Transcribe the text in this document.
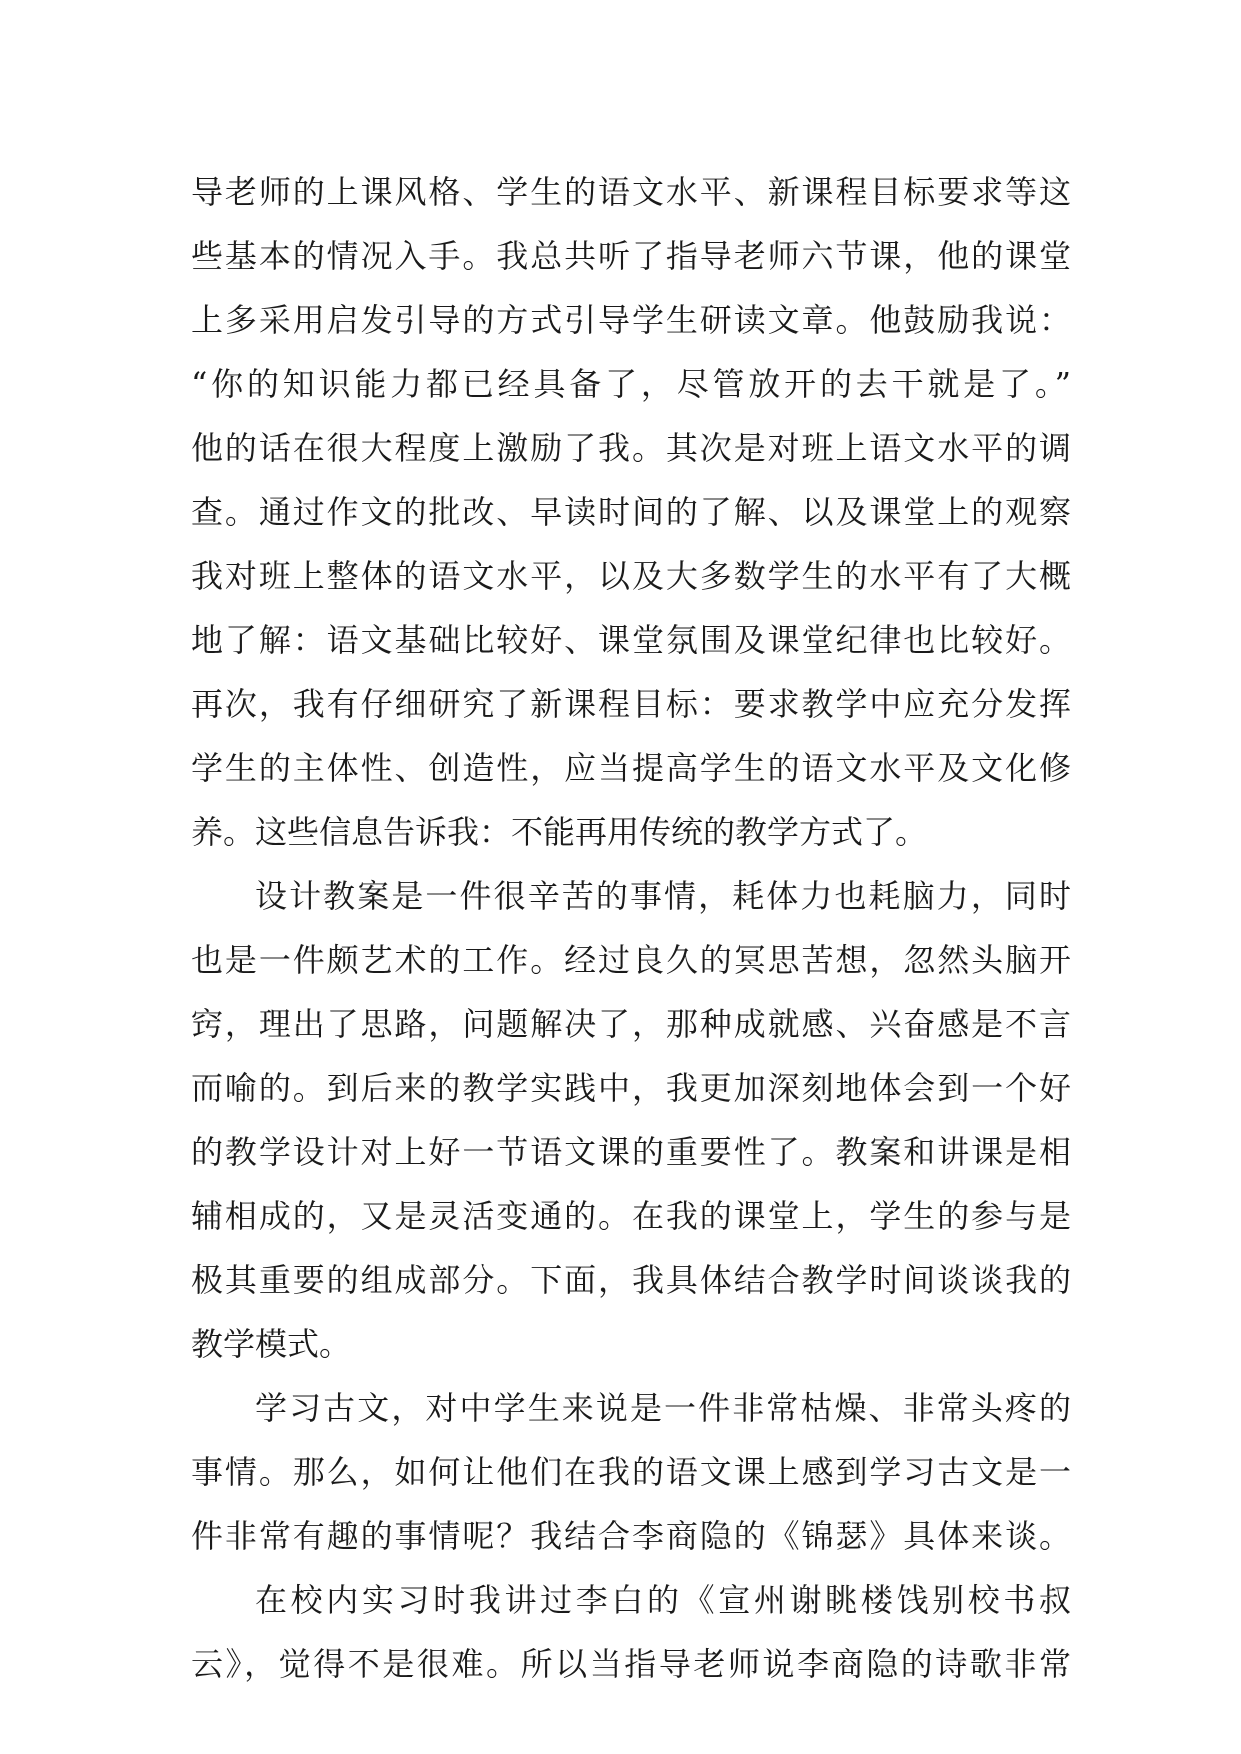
导老师的上课风格、学生的语文水平、新课程目标要求等这
些基本的情况入手。我总共听了指导老师六节课，他的课堂
上多采用启发引导的方式引导学生研读文章。他鼓励我说：
“你的知识能力都已经具备了，尽管放开的去干就是了。”
他的话在很大程度上激励了我。其次是对班上语文水平的调
查。通过作文的批改、早读时间的了解、以及课堂上的观察
我对班上整体的语文水平，以及大多数学生的水平有了大概
地了解：语文基础比较好、课堂氛围及课堂纪律也比较好。
再次，我有仔细研究了新课程目标：要求教学中应充分发挥
学生的主体性、创造性，应当提高学生的语文水平及文化修
养。这些信息告诉我：不能再用传统的教学方式了。
设计教案是一件很辛苦的事情，耗体力也耗脑力，同时
也是一件颇艺术的工作。经过良久的冥思苦想，忽然头脑开
窍，理出了思路，问题解决了，那种成就感、兴奋感是不言
而喻的。到后来的教学实践中，我更加深刻地体会到一个好
的教学设计对上好一节语文课的重要性了。教案和讲课是相
辅相成的，又是灵活变通的。在我的课堂上，学生的参与是
极其重要的组成部分。下面，我具体结合教学时间谈谈我的
教学模式。
学习古文，对中学生来说是一件非常枯燥、非常头疼的
事情。那么，如何让他们在我的语文课上感到学习古文是一
件非常有趣的事情呢？我结合李商隐的《锦瑟》具体来谈。
在校内实习时我讲过李白的《宣州谢眺楼饯别校书叔
云》，觉得不是很难。所以当指导老师说李商隐的诗歌非常
